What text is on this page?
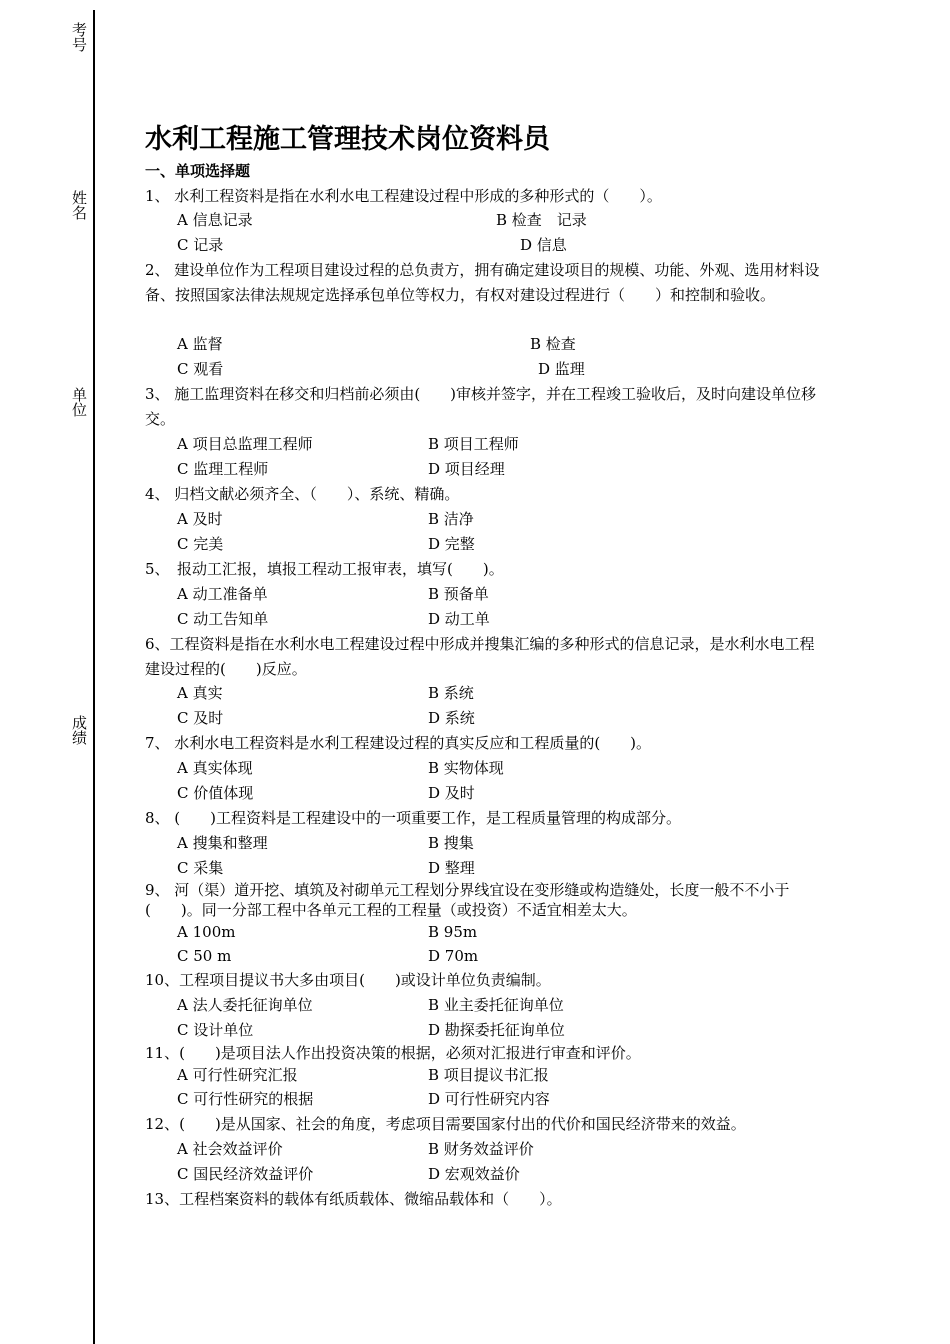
考号
姓名
单位
成绩
水利工程施工管理技术岗位资料员
一、单项选择题
1、 水利工程资料是指在水利水电工程建设过程中形成的多种形式的（　　）。
A 信息记录	B 检查　记录
C 记录	D 信息
2、 建设单位作为工程项目建设过程的总负责方，拥有确定建设项目的规模、功能、外观、选用材料设备、按照国家法律法规规定选择承包单位等权力，有权对建设过程进行（　　）和控制和验收。
A 监督	B 检查
C 观看	D 监理
3、 施工监理资料在移交和归档前必须由(　　)审核并签字，并在工程竣工验收后，及时向建设单位移交。
A 项目总监理工程师	B 项目工程师
C 监理工程师	D 项目经理
4、 归档文献必须齐全、（　　）、系统、精确。
A 及时	B 洁净
C 完美	D 完整
5、　报动工汇报，填报工程动工报审表，填写(　　)。
A 动工准备单	B 预备单
C 动工告知单	D 动工单
6、工程资料是指在水利水电工程建设过程中形成并搜集汇编的多种形式的信息记录，是水利水电工程建设过程的(　　)反应。
A 真实	B 系统
C 及时	D 系统
7、 水利水电工程资料是水利工程建设过程的真实反应和工程质量的(　　)。
A 真实体现	B 实物体现
C 价值体现	D 及时
8、 (　　)工程资料是工程建设中的一项重要工作，是工程质量管理的构成部分。
A 搜集和整理	B 搜集
C 采集	D 整理
9、 河（渠）道开挖、填筑及衬砌单元工程划分界线宜设在变形缝或构造缝处，长度一般不不小于(　　)。同一分部工程中各单元工程的工程量（或投资）不适宜相差太大。
A 100m	B 95m
C 50 m	D 70m
10、工程项目提议书大多由项目(　　)或设计单位负责编制。
A 法人委托征询单位	B 业主委托征询单位
C 设计单位	D 勘探委托征询单位
11、(　　)是项目法人作出投资决策的根据，必须对汇报进行审查和评价。
A 可行性研究汇报	B 项目提议书汇报
C 可行性研究的根据	D 可行性研究内容
12、(　　)是从国家、社会的角度，考虑项目需要国家付出的代价和国民经济带来的效益。
A 社会效益评价	B 财务效益评价
C 国民经济效益评价	D 宏观效益价
13、工程档案资料的载体有纸质载体、微缩品载体和（　　）。
